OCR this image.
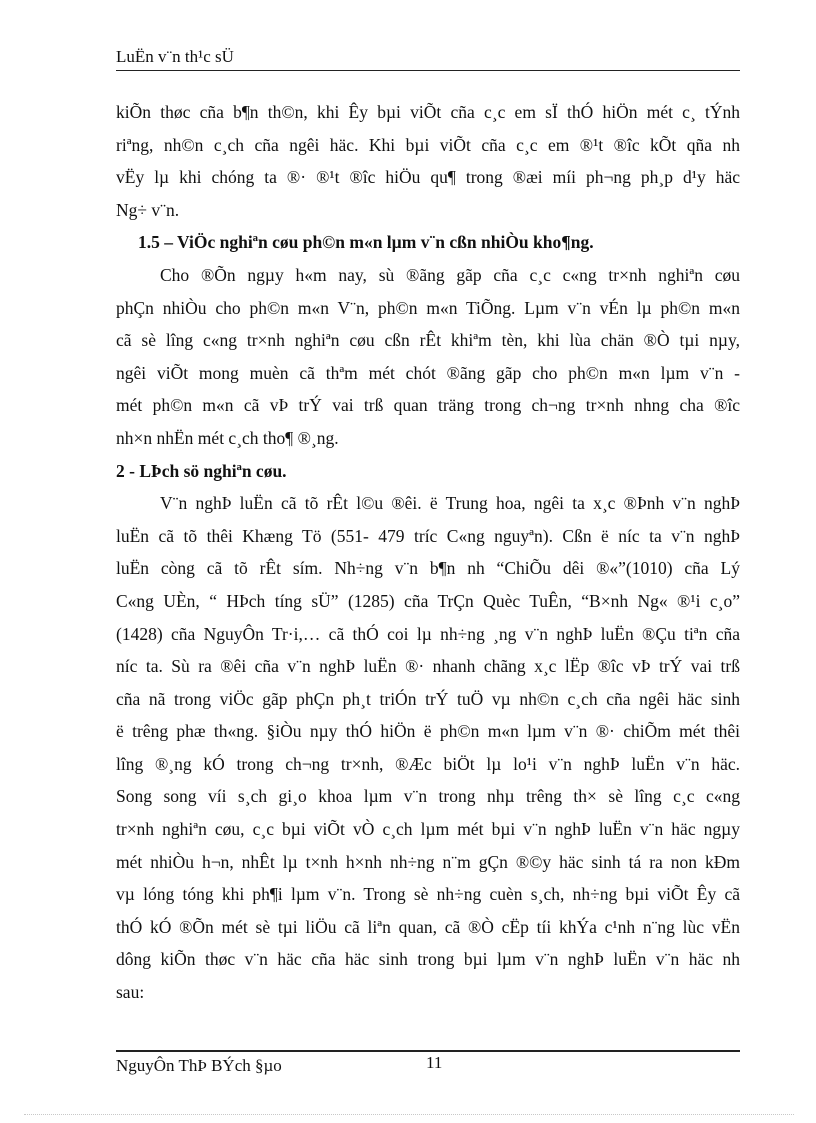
LuËn v¨n th¹c sÜ
kiÕn thøc cña b¶n th©n, khi Êy bµi viÕt cña c¸c em sÏ thÓ hiÖn mét c¸ tÝnh
riªng, nh©n c¸ch cña ngêi häc. Khi bµi viÕt cña c¸c em ®¹t ®îc kÕt qña nh
vËy lµ khi chóng ta ®· ®¹t ®îc hiÖu qu¶ trong ®æi míi ph¬ng ph¸p d¹y häc
Ng÷ v¨n.
1.5 – ViÖc nghiªn cøu ph©n m«n lµm v¨n cßn nhiÒu kho¶ng.
Cho ®Õn ngµy h«m nay, sù ®ãng gãp cña c¸c c«ng tr×nh nghiªn cøu
phÇn nhiÒu cho ph©n m«n V¨n, ph©n m«n TiÕng. Lµm v¨n vÉn lµ ph©n m«n
cã sè lîng c«ng tr×nh nghiªn cøu cßn rÊt khiªm tèn, khi lùa chän ®Ò tµi nµy,
ngêi viÕt mong muèn cã thªm mét chót ®ãng gãp cho ph©n m«n lµm v¨n -
mét ph©n m«n cã vÞ trÝ vai trß quan träng trong ch¬ng tr×nh nhng cha ®îc
nh×n nhËn mét c¸ch tho¶ ®¸ng.
2 - LÞch sö nghiªn cøu.
V¨n nghÞ luËn cã tõ rÊt l©u ®êi. ë Trung hoa, ngêi ta x¸c ®Þnh v¨n nghÞ
luËn cã tõ thêi Khæng Tö (551- 479 tríc C«ng nguyªn). Cßn ë níc ta v¨n nghÞ
luËn còng cã tõ rÊt sím. Nh÷ng v¨n b¶n nh “ChiÕu dêi ®«”(1010) cña Lý
C«ng UÈn, “ HÞch tíng sÜ” (1285) cña TrÇn Quèc TuÊn, “B×nh Ng« ®¹i c¸o”
(1428) cña NguyÔn Tr·i,… cã thÓ coi lµ nh÷ng ¸ng v¨n nghÞ luËn ®Çu tiªn cña
níc ta. Sù ra ®êi cña v¨n nghÞ luËn ®· nhanh chãng x¸c lËp ®îc vÞ trÝ vai trß
cña nã trong viÖc gãp phÇn ph¸t triÓn trÝ tuÖ vµ nh©n c¸ch cña ngêi häc sinh
ë trêng phæ th«ng. §iÒu nµy thÓ hiÖn ë ph©n m«n lµm v¨n ®· chiÕm mét thêi
lîng ®¸ng kÓ trong ch¬ng tr×nh, ®Æc biÖt lµ lo¹i v¨n nghÞ luËn v¨n häc.
Song song víi s¸ch gi¸o khoa lµm v¨n trong nhµ trêng th× sè lîng c¸c c«ng
tr×nh nghiªn cøu, c¸c bµi viÕt vÒ c¸ch lµm mét bµi v¨n nghÞ luËn v¨n häc ngµy
mét nhiÒu h¬n, nhÊt lµ t×nh h×nh nh÷ng n¨m gÇn ®©y häc sinh tá ra non kÐm
vµ lóng tóng khi ph¶i lµm v¨n. Trong sè nh÷ng cuèn s¸ch, nh÷ng bµi viÕt Êy cã
thÓ kÓ ®Õn mét sè tµi liÖu cã liªn quan, cã ®Ò cËp tíi khÝa c¹nh n¨ng lùc vËn
dông kiÕn thøc v¨n häc cña häc sinh trong bµi lµm v¨n nghÞ luËn v¨n häc nh
sau:
NguyÔn ThÞ BÝch §µo	11
